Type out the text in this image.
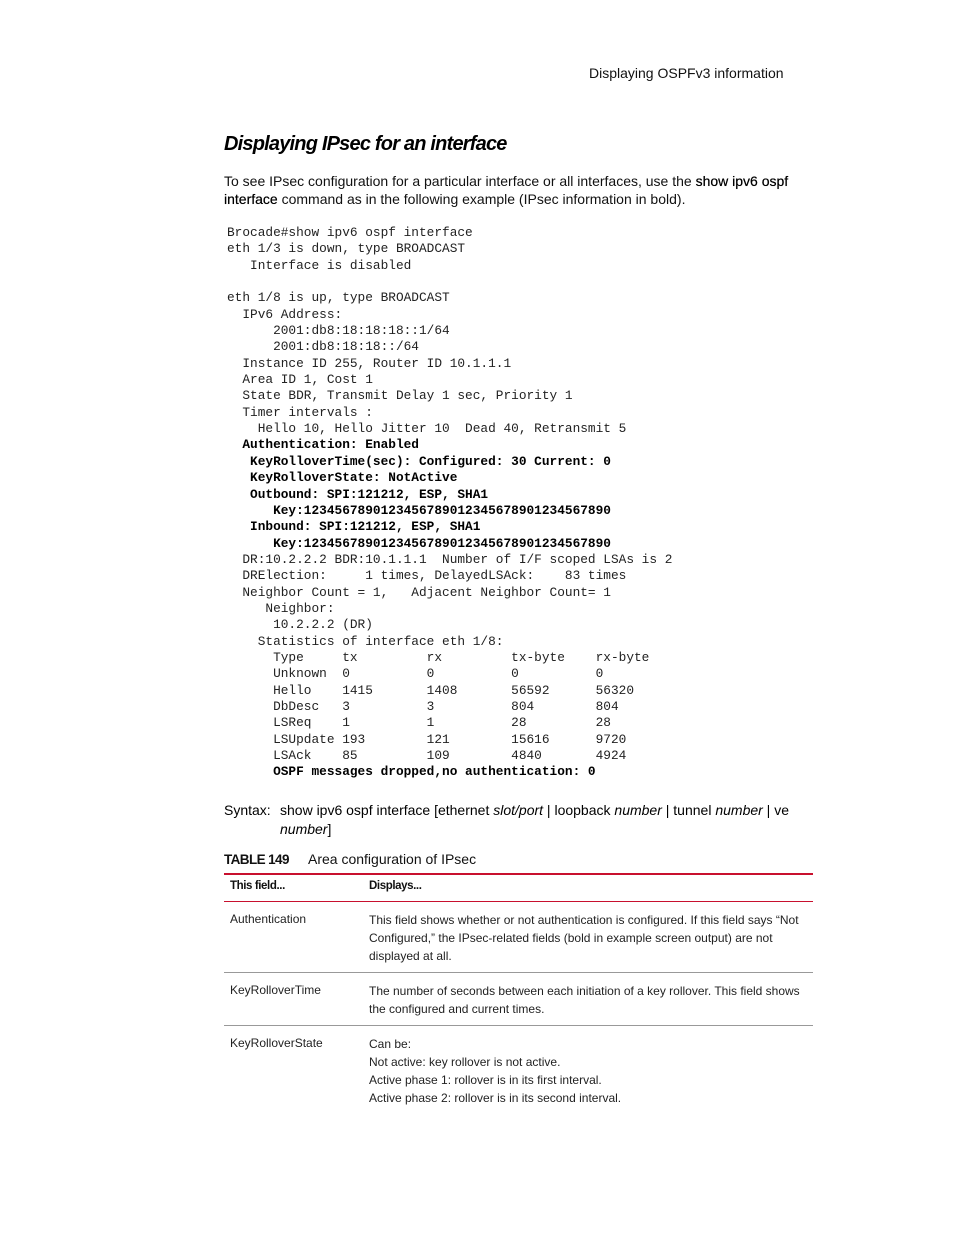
Displaying OSPFv3 information
Displaying IPsec for an interface
To see IPsec configuration for a particular interface or all interfaces, use the show ipv6 ospf interface command as in the following example (IPsec information in bold).
Brocade#show ipv6 ospf interface
eth 1/3 is down, type BROADCAST
Interface is disabled
eth 1/8 is up, type BROADCAST
IPv6 Address:
2001:db8:18:18:18::1/64
2001:db8:18:18::/64
Instance ID 255, Router ID 10.1.1.1
Area ID 1, Cost 1
State BDR, Transmit Delay 1 sec, Priority 1
Timer intervals :
Hello 10, Hello Jitter 10  Dead 40, Retransmit 5
Authentication: Enabled
KeyRolloverTime(sec): Configured: 30 Current: 0
KeyRolloverState: NotActive
Outbound: SPI:121212, ESP, SHA1
Key:1234567890123456789012345678901234567890
Inbound: SPI:121212, ESP, SHA1
Key:1234567890123456789012345678901234567890
DR:10.2.2.2 BDR:10.1.1.1  Number of I/F scoped LSAs is 2
DRElection:     1 times, DelayedLSAck:    83 times
Neighbor Count = 1,   Adjacent Neighbor Count= 1
Neighbor:
10.2.2.2 (DR)
Statistics of interface eth 1/8:
Type     tx         rx         tx-byte    rx-byte
Unknown  0          0          0          0
Hello    1415       1408       56592      56320
DbDesc   3          3          804        804
LSReq    1          1          28         28
LSUpdate 193        121        15616      9720
LSAck    85         109        4840       4924
OSPF messages dropped,no authentication: 0
Syntax: show ipv6 ospf interface [ethernet slot/port | loopback number | tunnel number | ve
number]
TABLE 149 Area configuration of IPsec
This field...	Displays...
Authentication	This field shows whether or not authentication is configured. If this field says “Not Configured,” the IPsec-related fields (bold in example screen output) are not displayed at all.

KeyRolloverTime	The number of seconds between each initiation of a key rollover. This field shows the configured and current times.

KeyRolloverState	Can be:
Not active: key rollover is not active.
Active phase 1: rollover is in its first interval.
Active phase 2: rollover is in its second interval.
